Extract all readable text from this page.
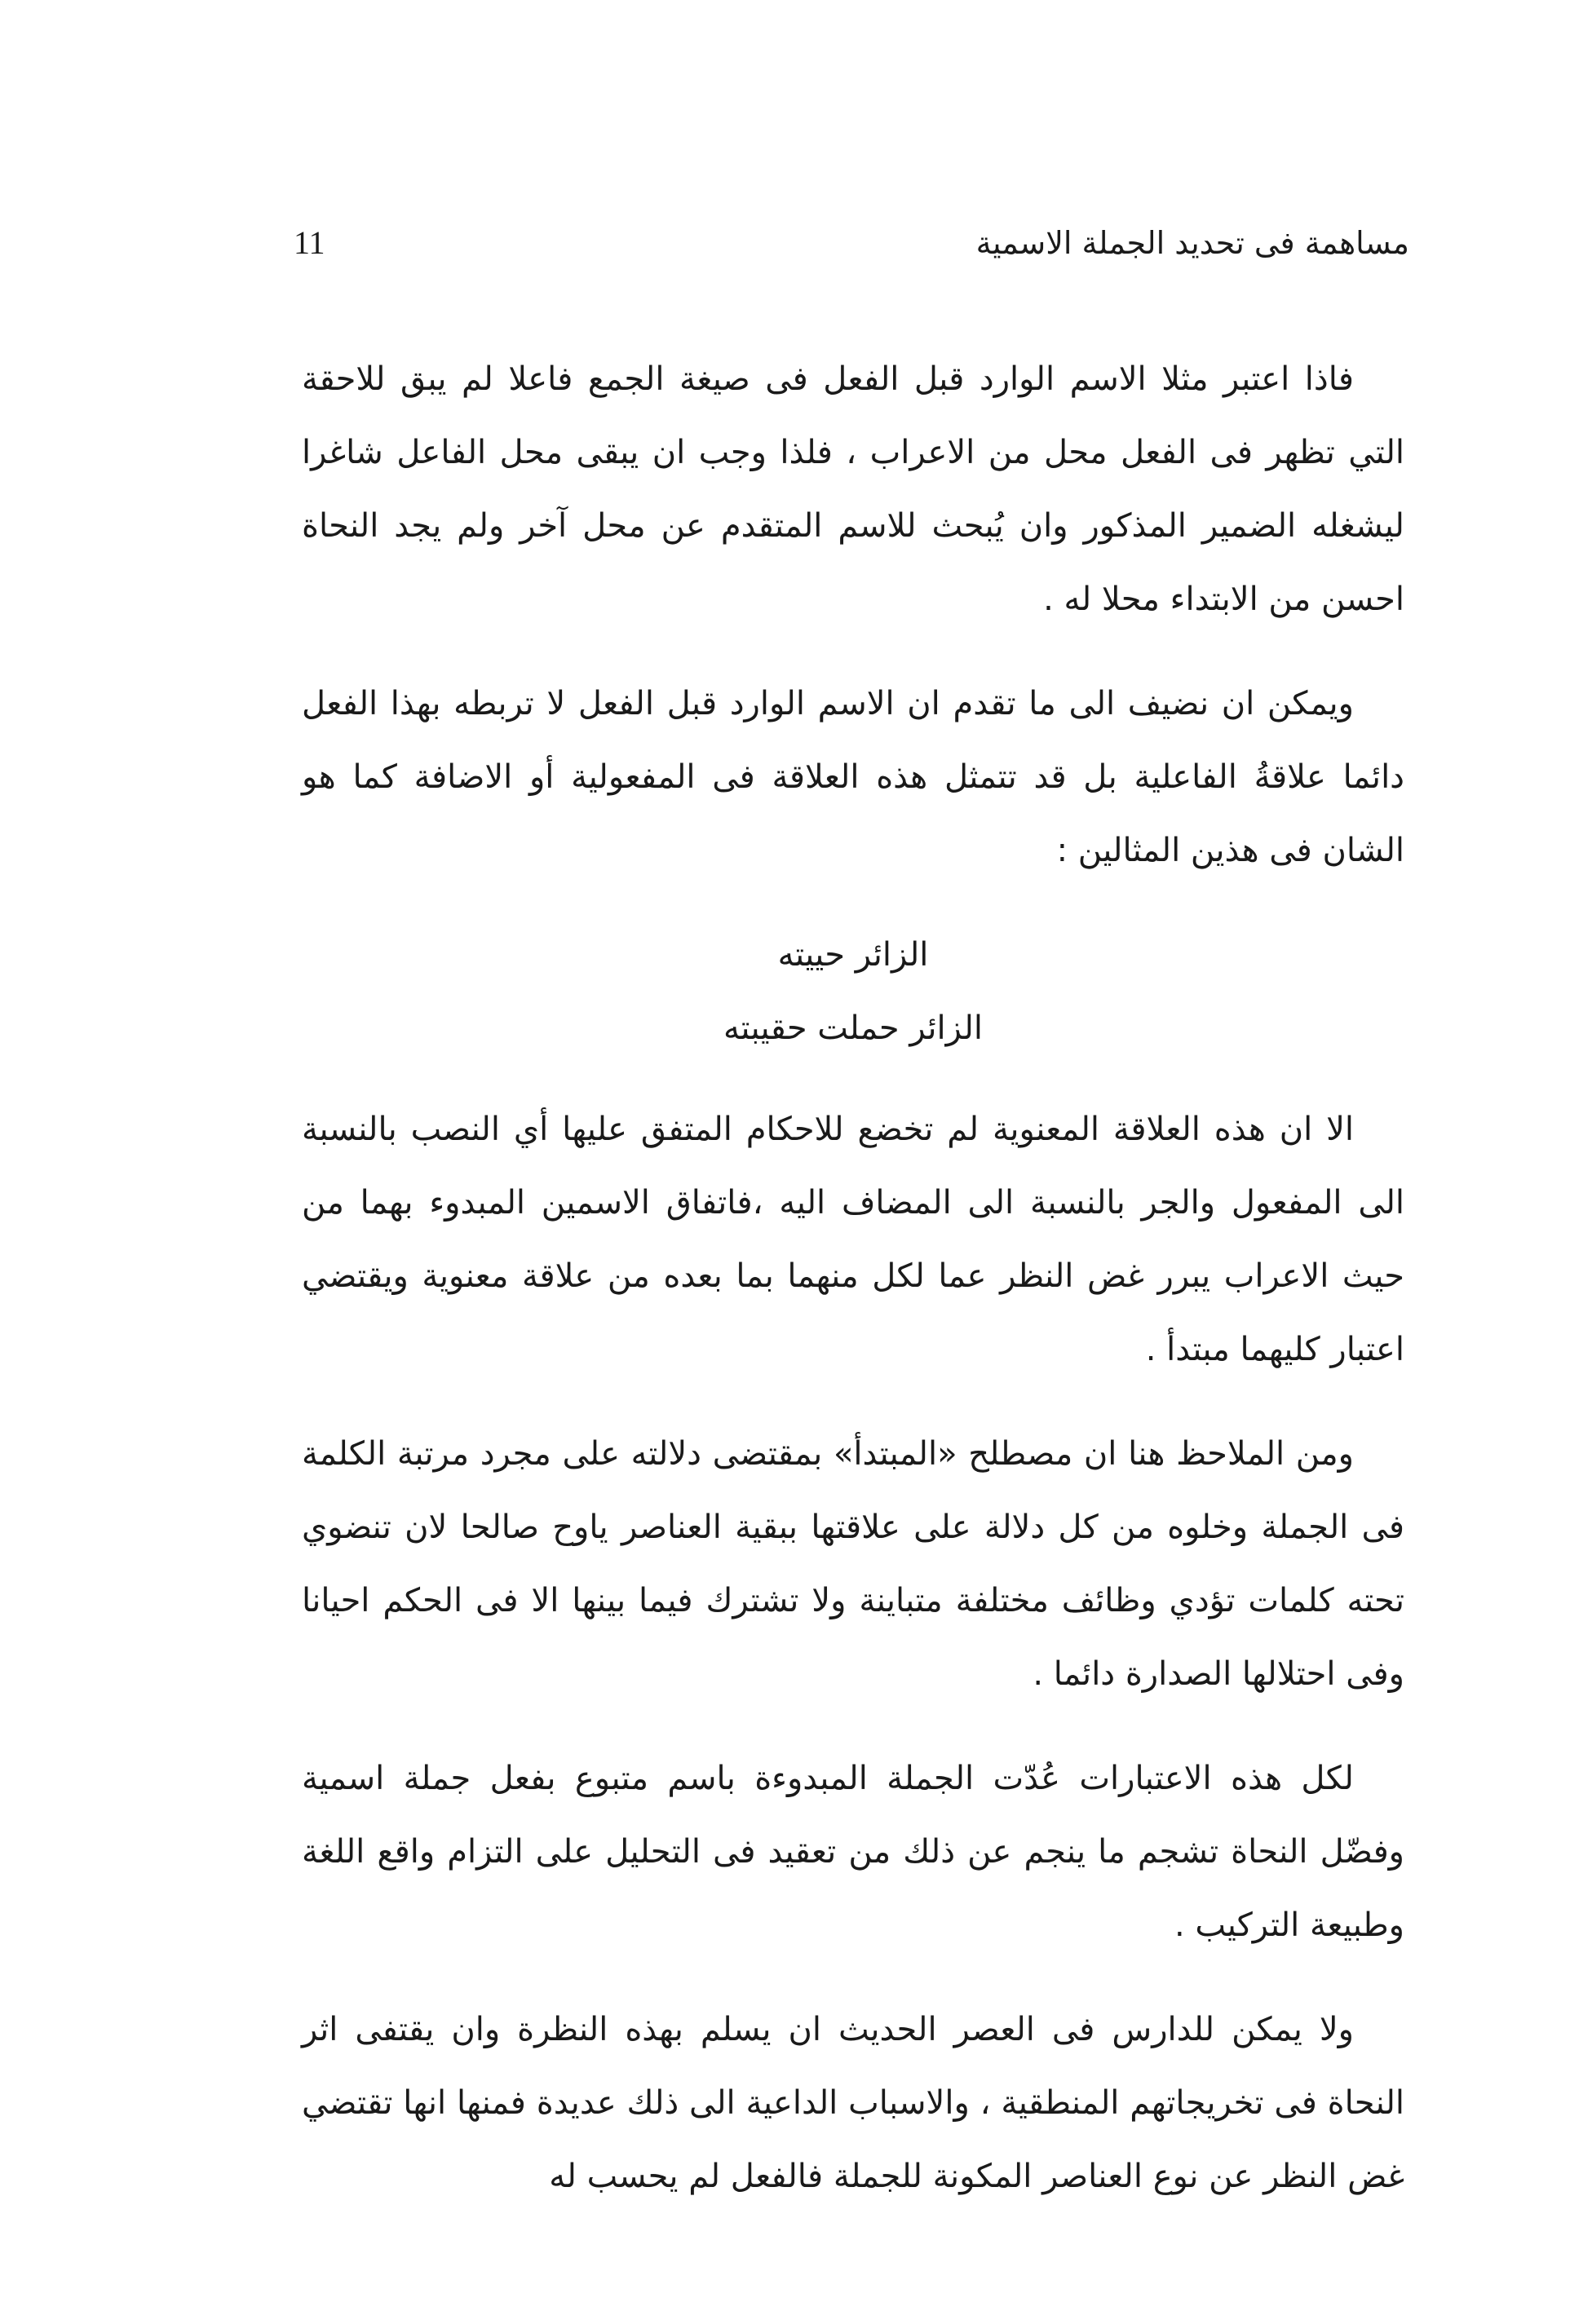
11	مساهمة فى تحديد الجملة الاسمية

فاذا اعتبر مثلا الاسم الوارد قبل الفعل فى صيغة الجمع فاعلا لم يبق للاحقة التي تظهر فى الفعل محل من الاعراب ، فلذا وجب ان يبقى محل الفاعل شاغرا ليشغله الضمير المذكور وان يُبحث للاسم المتقدم عن محل آخر ولم يجد النحاة احسن من الابتداء محلا له .

ويمكن ان نضيف الى ما تقدم ان الاسم الوارد قبل الفعل لا تربطه بهذا الفعل دائما علاقةُ الفاعلية بل قد تتمثل هذه العلاقة فى المفعولية أو الاضافة كما هو الشان فى هذين المثالين :

الزائر حييته

الزائر حملت حقيبته

الا ان هذه العلاقة المعنوية لم تخضع للاحكام المتفق عليها أي النصب بالنسبة الى المفعول والجر بالنسبة الى المضاف اليه ،فاتفاق الاسمين المبدوء بهما من حيث الاعراب يبرر غض النظر عما لكل منهما بما بعده من علاقة معنوية ويقتضي اعتبار كليهما مبتدأ .

ومن الملاحظ هنا ان مصطلح «المبتدأ» بمقتضى دلالته على مجرد مرتبة الكلمة فى الجملة وخلوه من كل دلالة على علاقتها ببقية العناصر ياوح صالحا لان تنضوي تحته كلمات تؤدي وظائف مختلفة متباينة ولا تشترك فيما بينها الا فى الحكم احيانا وفى احتلالها الصدارة دائما .

لكل هذه الاعتبارات عُدّت الجملة المبدوءة باسم متبوع بفعل جملة اسمية وفضّل النحاة تشجم ما ينجم عن ذلك من تعقيد فى التحليل على التزام واقع اللغة وطبيعة التركيب .

ولا يمكن للدارس فى العصر الحديث ان يسلم بهذه النظرة وان يقتفى اثر النحاة فى تخريجاتهم المنطقية ، والاسباب الداعية الى ذلك عديدة فمنها انها تقتضي غض النظر عن نوع العناصر المكونة للجملة فالفعل لم يحسب له
